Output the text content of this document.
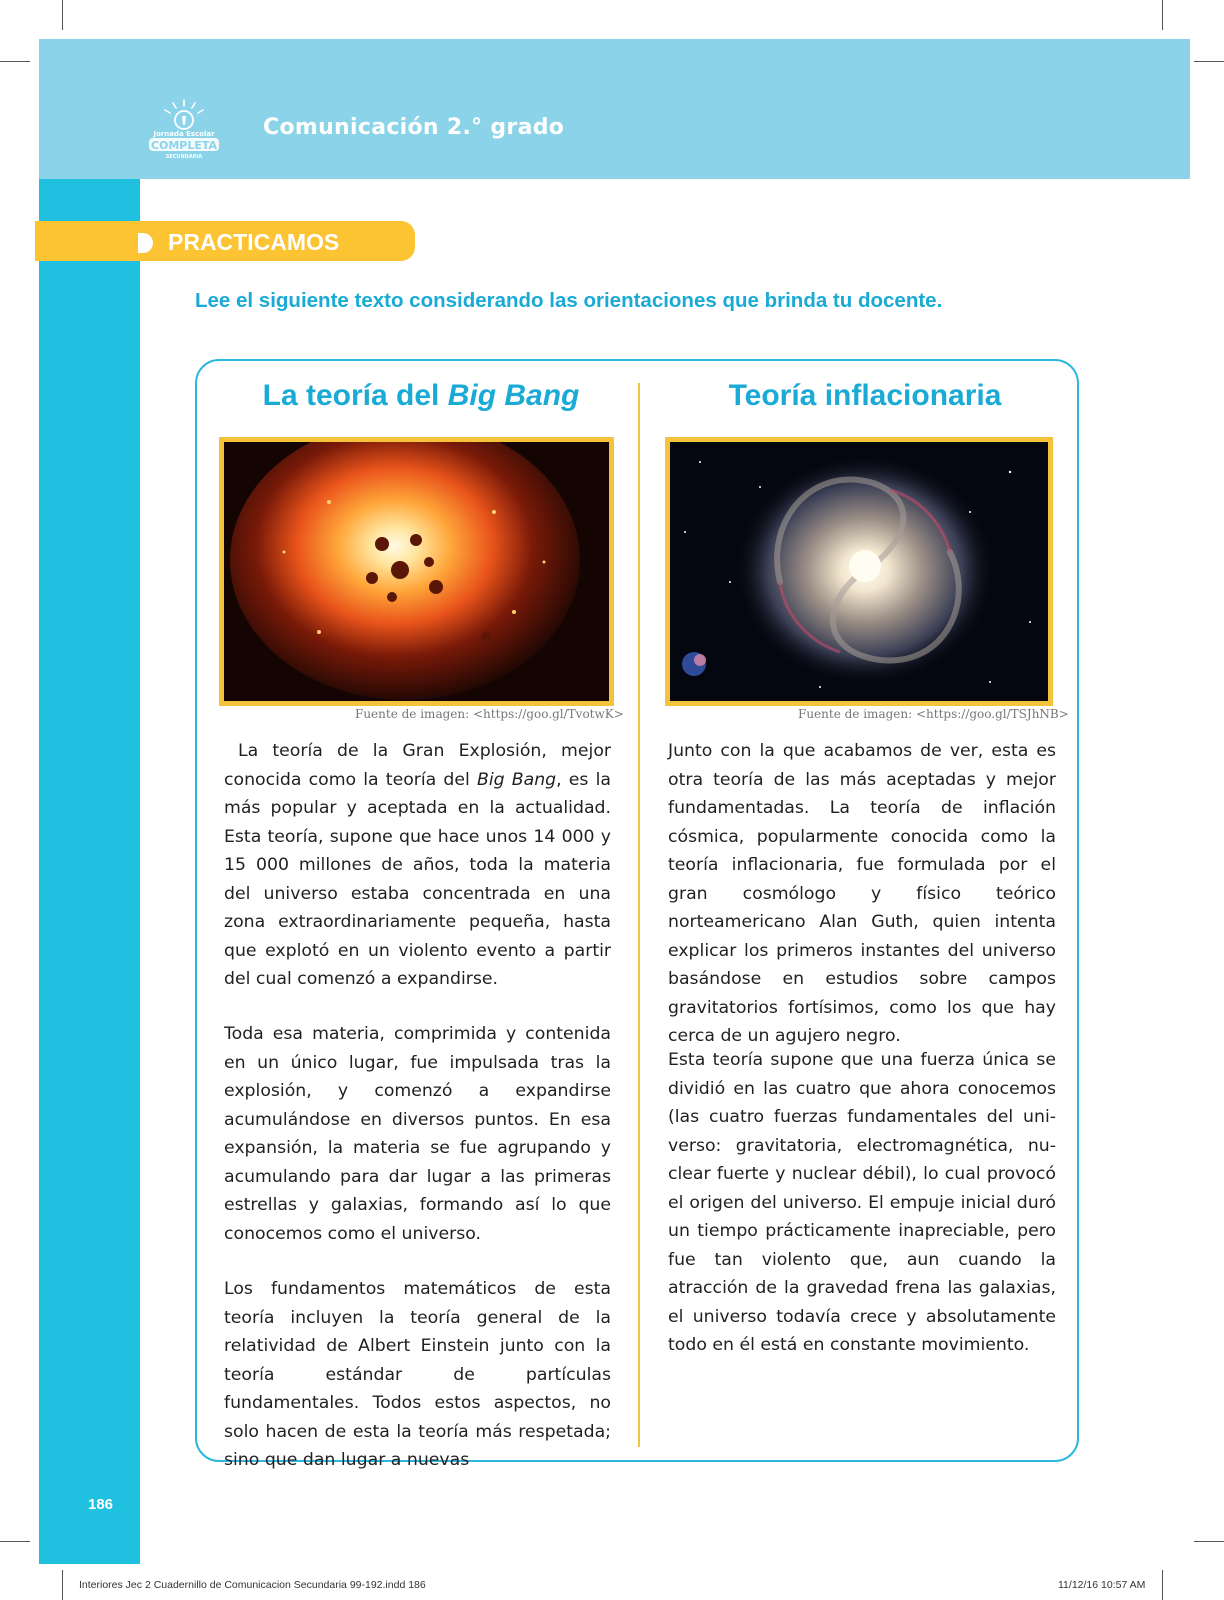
Jornada Escolar
COMPLETA
SECUNDARIA
Comunicación 2.° grado
PRACTICAMOS
Lee el siguiente texto considerando las orientaciones que brinda tu docente.
La teoría del Big Bang
Fuente de imagen: <https://goo.gl/TvotwK>

La teoría de la Gran Explosión, mejor conocida como la teoría del Big Bang, es la más popular y aceptada en la actualidad. Esta teoría, supone que hace unos 14 000 y 15 000 millones de años, toda la materia del universo estaba concentrada en una zona extraordinariamente pequeña, hasta que explotó en un violento evento a partir del cual comenzó a expandirse.

Toda esa materia, comprimida y contenida en un único lugar, fue impulsada tras la explosión, y comenzó a expandirse acumulándose en diversos puntos. En esa expansión, la materia se fue agrupando y acumulando para dar lugar a las primeras estrellas y galaxias, formando así lo que conocemos como el universo.

Los fundamentos matemáticos de esta teoría incluyen la teoría general de la relatividad de Albert Einstein junto con la teoría estándar de partículas fundamentales. Todos estos aspectos, no solo hacen de esta la teoría más respetada; sino que dan lugar a nuevas

Teoría inflacionaria
Fuente de imagen: <https://goo.gl/TSJhNB>

Junto con la que acabamos de ver, esta es otra teoría de las más aceptadas y mejor fundamentadas. La teoría de inflación cósmica, popularmente conocida como la teoría inflacionaria, fue formulada por el gran cosmólogo y físico teórico norteamericano Alan Guth, quien intenta explicar los primeros instantes del universo basándose en estudios sobre campos gravitatorios fortísimos, como los que hay cerca de un agujero negro.

Esta teoría supone que una fuerza única se dividió en las cuatro que ahora conocemos (las cuatro fuerzas fundamentales del universo: gravitatoria, electromagnética, nuclear fuerte y nuclear débil), lo cual provocó el origen del universo. El empuje inicial duró un tiempo prácticamente inapreciable, pero fue tan violento que, aun cuando la atracción de la gravedad frena las galaxias, el universo todavía crece y absolutamente todo en él está en constante movimiento.

186
Interiores Jec 2 Cuadernillo de Comunicacion Secundaria 99-192.indd 186	11/12/16 10:57 AM
